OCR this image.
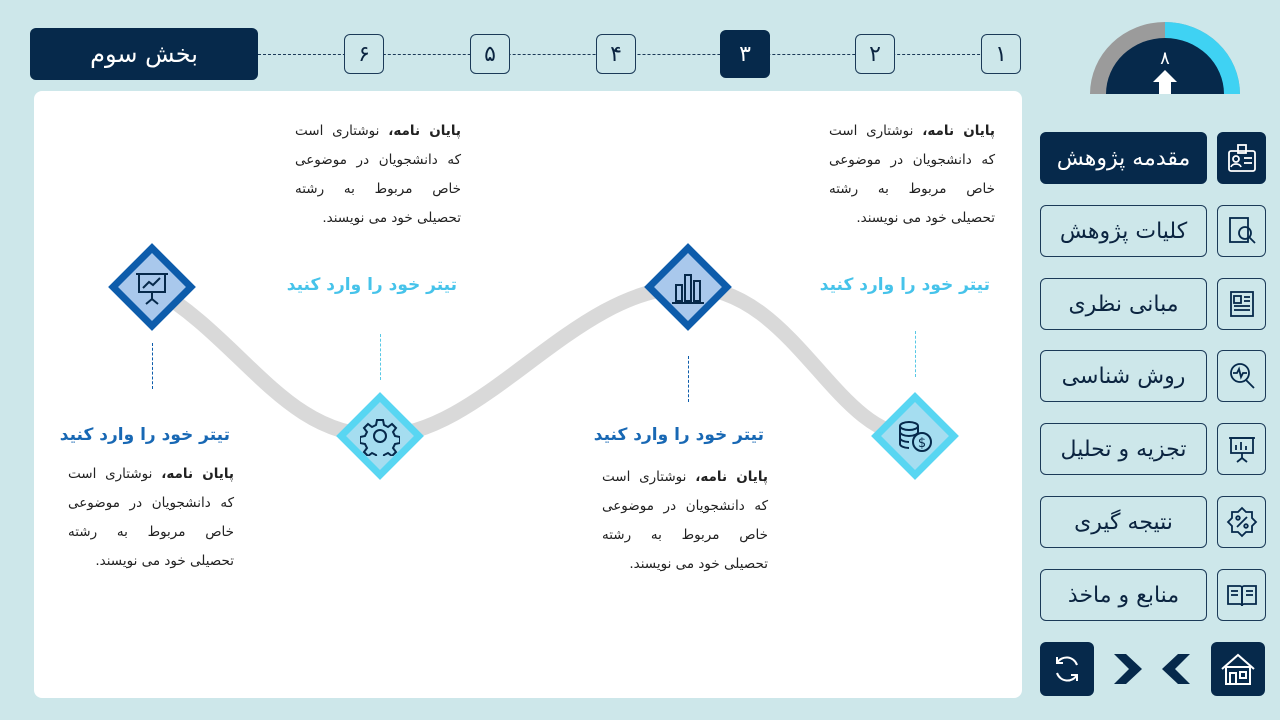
بخش سوم	۶	۵	۴	۳	۲	۱	۸
$
تیتر خود را وارد کنید
پایان نامه، نوشتاری است که دانشجویان در موضوعی خاص مربوط به رشته تحصیلی خود می نویسند.
تیتر خود را وارد کنید
پایان نامه، نوشتاری است که دانشجویان در موضوعی خاص مربوط به رشته تحصیلی خود می نویسند.
تیتر خود را وارد کنید
پایان نامه، نوشتاری است که دانشجویان در موضوعی خاص مربوط به رشته تحصیلی خود می نویسند.
تیتر خود را وارد کنید
پایان نامه، نوشتاری است که دانشجویان در موضوعی خاص مربوط به رشته تحصیلی خود می نویسند.
مقدمه پژوهش
کلیات پژوهش
مبانی نظری
روش شناسی
تجزیه و تحلیل
نتیجه گیری
منابع و ماخذ
